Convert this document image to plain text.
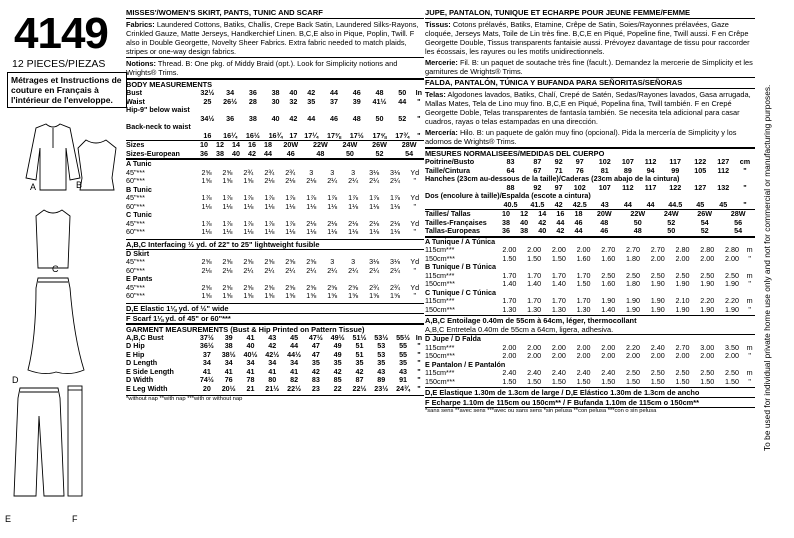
4149
12 PIECES/PIEZAS
Métrages et Instructions de couture en Français à l'intérieur de l'enveloppe.
A	B
C
D
E	F
MISSES'/WOMEN'S SKIRT, PANTS, TUNIC AND SCARF
Fabrics: Laundered Cottons, Batiks, Challis, Crepe Back Satin, Laundered Silks-Rayons, Crinkled Gauze, Matte Jerseys, Handkerchief Linen. B,C,E also in Pique, Poplin, Twill. F also in Double Georgette, Novelty Sheer Fabrics. Extra fabric needed to match plaids, stripes or one-way design fabrics.
Notions: Thread. B: One pkg. of Middy Braid (opt.). Look for Simplicity notions and Wrights® Trims.
BODY MEASUREMENTS
Bust	32½	34	36	38	40	42	44	46	48	50	In
Waist	25	26½	28	30	32	35	37	39	41½	44	"
Hip-9" below waist											
	34½	36	38	40	42	44	46	48	50	52	"
Back-neck to waist											
	16	16¼	16½	16¾	17	17¼	17⅜	17½	17⅝	17¾	"
Sizes	10	12	14	16	18	20W	22W	24W	26W	28W	
Sizes-European	36	38	40	42	44	46	48	50	52	54	
A Tunic											
45"***	2⅝	2⅝	2¾	2¾	2¾	3	3	3	3⅛	3⅛	Yd
60"***	1⅝	1⅝	1⅝	2⅛	2⅛	2⅛	2¼	2¼	2¼	2¼	"
B Tunic											
45"***	1⅞	1⅞	1⅞	1⅞	1⅞	1⅞	1⅞	1⅞	1⅞	1⅞	Yd
60"***	1⅛	1⅛	1⅛	1⅛	1⅛	1⅛	1⅛	1⅛	1⅛	1⅛	"
C Tunic											
45"***	1⅞	1⅞	1⅞	1⅞	1⅞	2⅛	2⅛	2⅛	2⅛	2⅛	Yd
60"***	1⅛	1⅛	1⅛	1⅛	1⅛	1⅛	1⅛	1⅛	1⅛	1⅛	"
A,B,C Interfacing ½ yd. of 22" to 25" lightweight fusible
D Skirt											
45"***	2⅝	2⅝	2⅝	2⅝	2⅝	2⅝	3	3	3⅛	3⅛	Yd
60"***	2⅛	2⅛	2¼	2¼	2¼	2¼	2¼	2¼	2¼	2¼	"
E Pants											
45"***	2⅝	2⅝	2⅝	2⅝	2⅝	2⅝	2⅝	2⅝	2¾	2¾	Yd
60"***	1⅝	1⅝	1⅝	1⅝	1⅝	1⅝	1⅝	1⅝	1⅝	1⅝	"
D,E Elastic 1⅛ yd. of ½" wide
F Scarf 1⅛ yd. of 45" or 60"***
GARMENT MEASUREMENTS (Bust & Hip Printed on Pattern Tissue)
A,B,C Bust	37½	39	41	43	45	47½	49½	51½	53½	55½	In
D Hip	36½	38	40	42	44	47	49	51	53	55	"
E Hip	37	38½	40½	42½	44½	47	49	51	53	55	"
D Length	34	34	34	34	34	35	35	35	35	35	"
E Side Length	41	41	41	41	41	42	42	42	43	43	"
D Width	74½	76	78	80	82	83	85	87	89	91	"
E Leg Width	20	20½	21	21½	22½	23	22	22½	23½	24¾	"
*without nap **with nap ***with or without nap
JUPE, PANTALON, TUNIQUE ET ECHARPE POUR JEUNE FEMME/FEMME
Tissus: Cotons prélavés, Batiks, Etamine, Crêpe de Satin, Soies/Rayonnes prélavées, Gaze cloquée, Jerseys Mats, Toile de Lin très fine. B,C,E en Piqué, Popeline fine, Twill aussi. F en Crêpe Georgette Double, Tissus transparents fantaisie aussi. Prévoyez davantage de tissu pour raccorder les écossais, les rayures ou les motifs unidirectionnels.
Mercerie: Fil. B: un paquet de soutache très fine (facult.). Demandez la mercerie de Simplicity et les garnitures de Wrights® Trims.
FALDA, PANTALÓN, TÚNICA Y BUFANDA PARA SEÑORITAS/SEÑORAS
Telas: Algodones lavados, Batiks, Chalí, Crepé de Satén, Sedas/Rayones lavados, Gasa arrugada, Mallas Mates, Tela de Lino muy fino. B,C,E en Piqué, Popelina fina, Twill también. F en Crepé Georgette Doble, Telas transparentes de fantasía también. Se necesita tela adicional para casar cuadros, rayas o telas estampadas en una dirección.
Mercería: Hilo. B: un paquete de galón muy fino (opcional). Pida la mercería de Simplicity y los adornos de Wrights® Trims.
MESURES NORMALISEES/MEDIDAS DEL CUERPO
Poitrine/Busto	83	87	92	97	102	107	112	117	122	127	cm
Taille/Cintura	64	67	71	76	81	89	94	99	105	112	"
Hanches (23cm au-dessous de la taille)/Caderas (23cm abajo de la cintura)											
	88	92	97	102	107	112	117	122	127	132	"
Dos (encolure à taille)/Espalda (escote a cintura)											
	40.5	41.5	42	42.5	43	44	44	44.5	45	45	"
Tailles/ Tallas	10	12	14	16	18	20W	22W	24W	26W	28W	
Tailles-Françaises	38	40	42	44	46	48	50	52	54	56	
Tallas-Europeas	36	38	40	42	44	46	48	50	52	54	
A Tunique / A Túnica											
115cm***	2.00	2.00	2.00	2.00	2.70	2.70	2.70	2.80	2.80	2.80	m
150cm***	1.50	1.50	1.50	1.60	1.60	1.80	2.00	2.00	2.00	2.00	"
B Tunique / B Túnica											
115cm***	1.70	1.70	1.70	1.70	2.50	2.50	2.50	2.50	2.50	2.50	m
150cm***	1.40	1.40	1.40	1.50	1.60	1.80	1.90	1.90	1.90	1.90	"
C Tunique / C Túnica											
115cm***	1.70	1.70	1.70	1.70	1.90	1.90	1.90	2.10	2.20	2.20	m
150cm***	1.30	1.30	1.30	1.30	1.40	1.90	1.90	1.90	1.90	1.90	"
A,B,C Entoilage 0.40m de 55cm à 64cm, léger, thermocollant
A,B,C Entretela 0.40m de 55cm a 64cm, ligera, adhesiva.
D Jupe / D Falda											
115cm***	2.00	2.00	2.00	2.00	2.00	2.20	2.40	2.70	3.00	3.50	m
150cm***	2.00	2.00	2.00	2.00	2.00	2.00	2.00	2.00	2.00	2.00	"
E Pantalon / E Pantalón											
115cm***	2.40	2.40	2.40	2.40	2.40	2.50	2.50	2.50	2.50	2.50	m
150cm***	1.50	1.50	1.50	1.50	1.50	1.50	1.50	1.50	1.50	1.50	"
D,E Elastique 1.30m de 1.3cm de large / D,E Elástico 1.30m de 1.3cm de ancho
F Echarpe 1.10m de 115cm ou 150cm** / F Bufanda 1.10m de 115cm o 150cm**
*sans sens **avec sens ***avec ou sans sens *sin pelusa **con pelusa ***con o sin pelusa	To be used for individual private home use only and not for commercial or manufacturing purposes.
